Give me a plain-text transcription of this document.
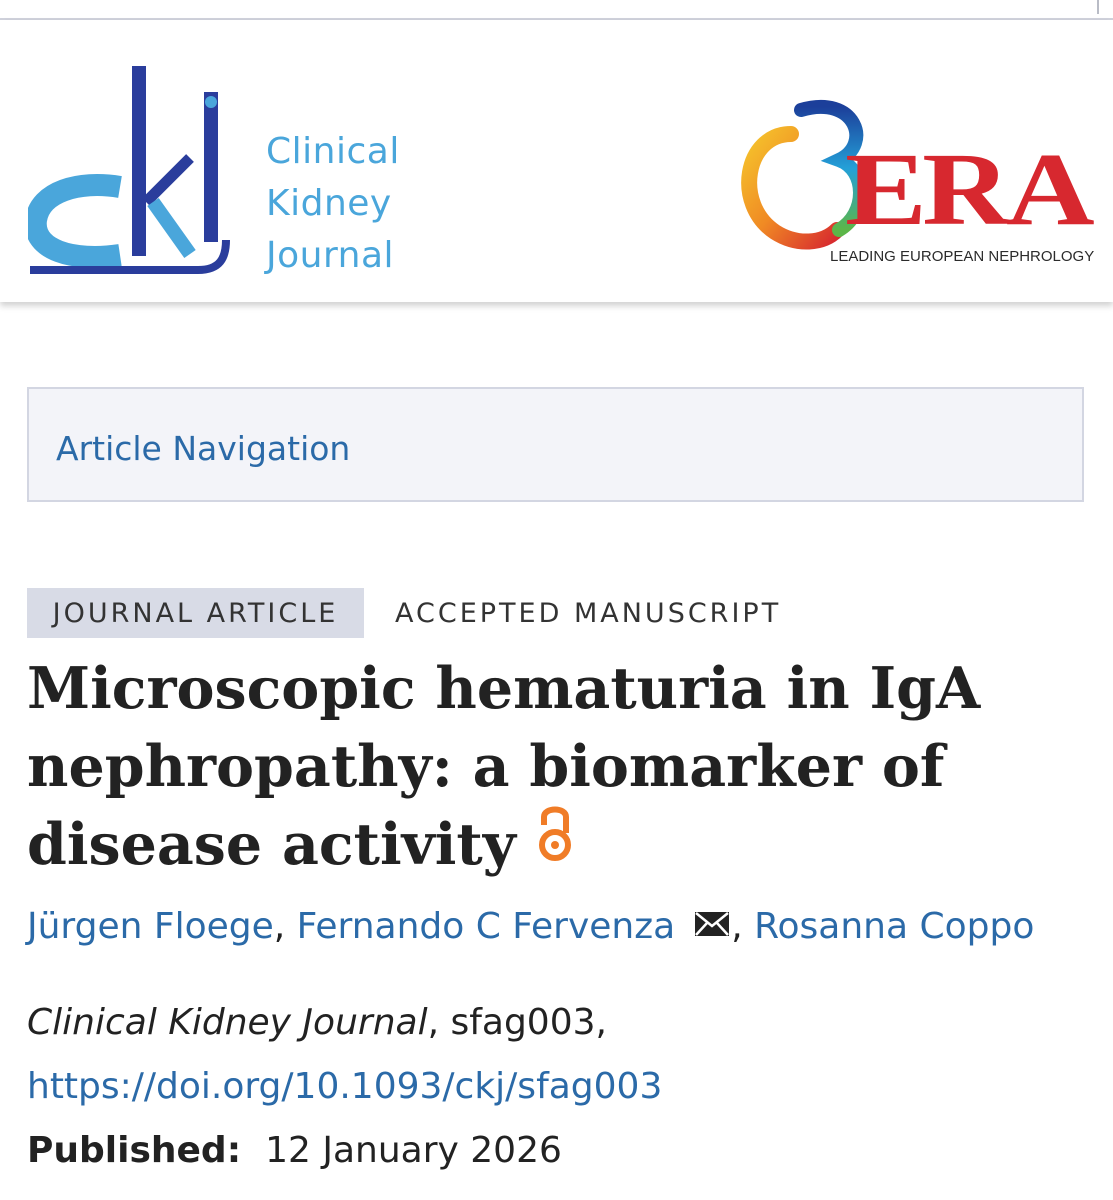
Clinical
Kidney
Journal
ERA
LEADING EUROPEAN NEPHROLOGY
Article Navigation
JOURNAL ARTICLE	ACCEPTED MANUSCRIPT
Microscopic hematuria in IgA nephropathy: a biomarker of disease activity
Jürgen Floege, Fernando C Fervenza , Rosanna Coppo
Clinical Kidney Journal, sfag003,
https://doi.org/10.1093/ckj/sfag003
Published: 12 January 2026
